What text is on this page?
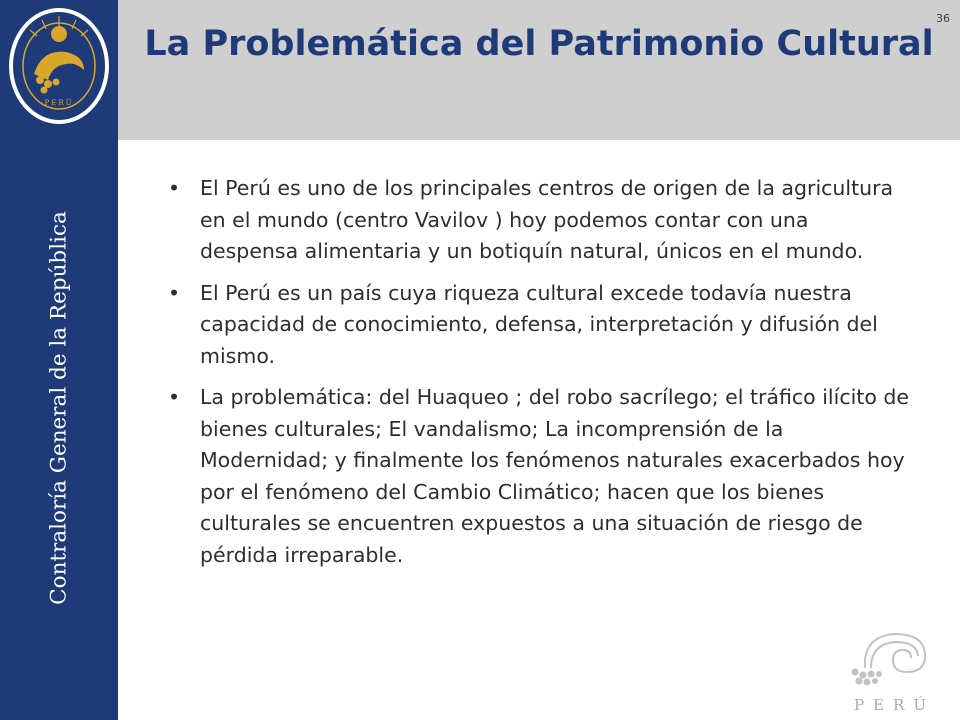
PERÚ
Contraloría General de la República
La Problemática del Patrimonio Cultural
36
• El Perú es uno de los principales centros de origen de la agricultura en el mundo (centro Vavilov ) hoy podemos contar con una despensa alimentaria y un botiquín natural, únicos en el mundo.
• El Perú es un país cuya riqueza cultural excede todavía nuestra capacidad de conocimiento, defensa, interpretación y difusión del mismo.
• La problemática: del Huaqueo ; del robo sacrílego; el tráfico ilícito de bienes culturales; El vandalismo; La incomprensión de la Modernidad; y finalmente los fenómenos naturales exacerbados hoy por el fenómeno del Cambio Climático; hacen que los bienes culturales se encuentren expuestos a una situación de riesgo de pérdida irreparable.
PERÚ
